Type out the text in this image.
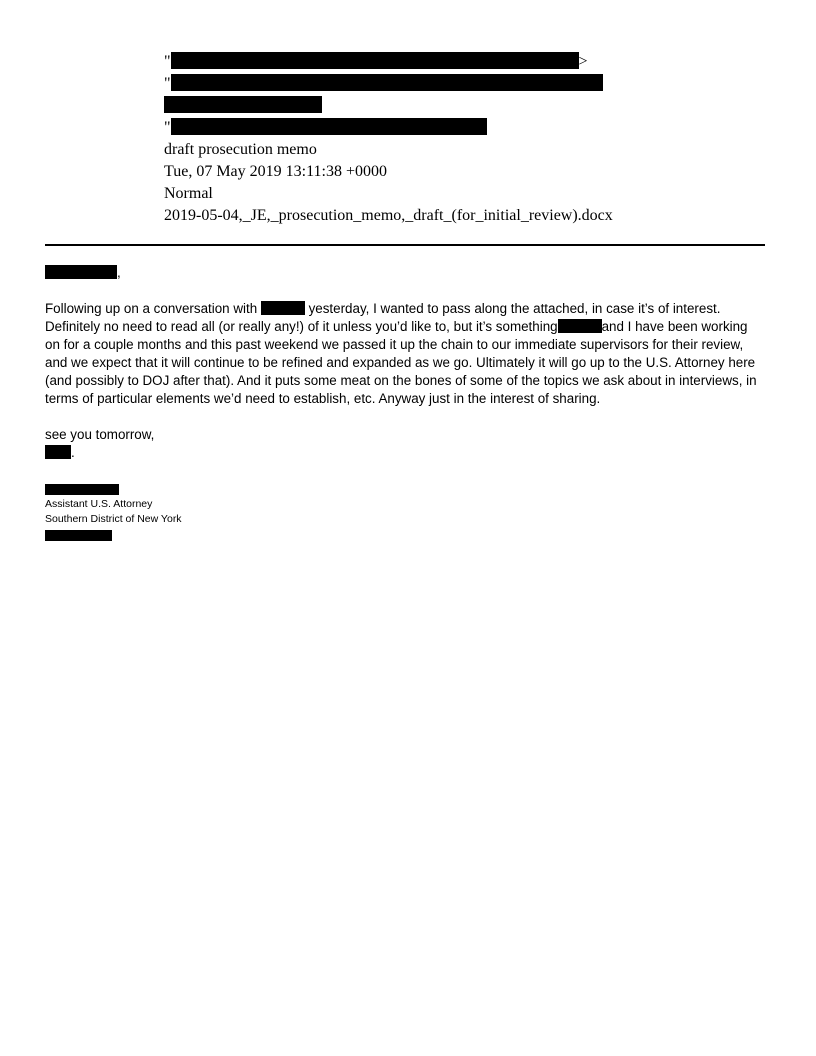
"	>
"
"
draft prosecution memo
Tue, 07 May 2019 13:11:38 +0000
Normal
2019-05-04,_JE,_prosecution_memo,_draft_(for_initial_review).docx
,
Following up on a conversation with	yesterday, I wanted to pass along the attached, in case it’s of interest.
Definitely no need to read all (or really any!) of it unless you’d like to, but it’s something	and I have been working
on for a couple months and this past weekend we passed it up the chain to our immediate supervisors for their review,
and we expect that it will continue to be refined and expanded as we go. Ultimately it will go up to the U.S. Attorney here
(and possibly to DOJ after that). And it puts some meat on the bones of some of the topics we ask about in interviews, in
terms of particular elements we’d need to establish, etc. Anyway just in the interest of sharing.
see you tomorrow,
.
Assistant U.S. Attorney
Southern District of New York
